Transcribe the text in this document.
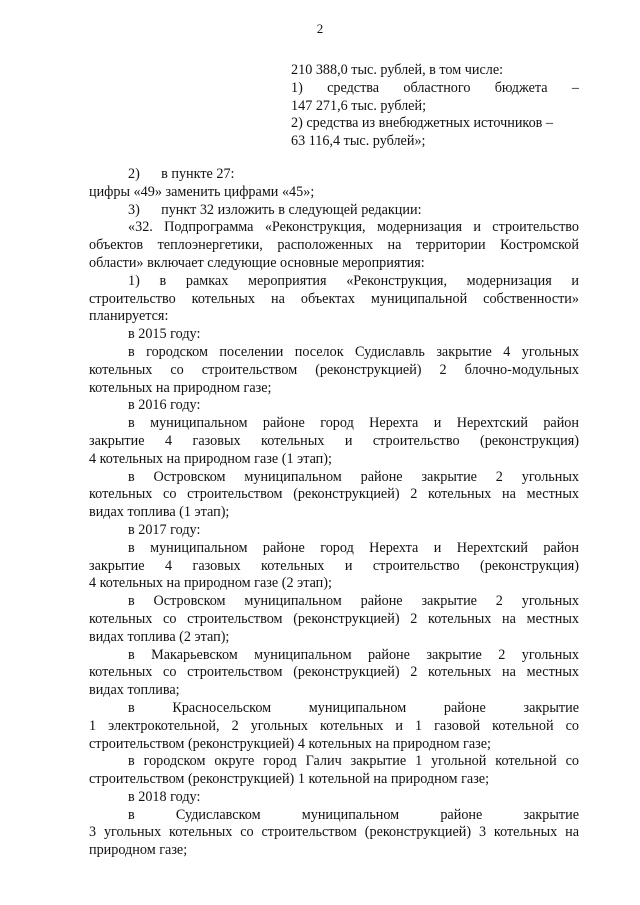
2
210 388,0 тыс. рублей, в том числе:
1) средства областного бюджета –
147 271,6 тыс. рублей;
2) средства из внебюджетных источников –
63 116,4 тыс. рублей»;
2)      в пункте 27:
цифры «49» заменить цифрами «45»;
3)      пункт 32 изложить в следующей редакции:
«32. Подпрограмма «Реконструкция, модернизация и строительство
объектов теплоэнергетики, расположенных на территории Костромской
области» включает следующие основные мероприятия:
1) в рамках мероприятия «Реконструкция, модернизация и
строительство котельных на объектах муниципальной собственности»
планируется:
в 2015 году:
в городском поселении поселок Судиславль закрытие 4 угольных
котельных со строительством (реконструкцией) 2 блочно-модульных
котельных на природном газе;
в 2016 году:
в муниципальном районе город Нерехта и Нерехтский район
закрытие 4 газовых котельных и строительство (реконструкция)
4 котельных на природном газе (1 этап);
в Островском муниципальном районе закрытие 2 угольных
котельных со строительством (реконструкцией) 2 котельных на местных
видах топлива (1 этап);
в 2017 году:
в муниципальном районе город Нерехта и Нерехтский район
закрытие 4 газовых котельных и строительство (реконструкция)
4 котельных на природном газе (2 этап);
в Островском муниципальном районе закрытие 2 угольных
котельных со строительством (реконструкцией) 2 котельных на местных
видах топлива (2 этап);
в Макарьевском муниципальном районе закрытие 2 угольных
котельных со строительством (реконструкцией) 2 котельных на местных
видах топлива;
в Красносельском муниципальном районе закрытие
1 электрокотельной, 2 угольных котельных и 1 газовой котельной со
строительством (реконструкцией) 4 котельных на природном газе;
в городском округе город Галич закрытие 1 угольной котельной со
строительством (реконструкцией) 1 котельной на природном газе;
в 2018 году:
в Судиславском муниципальном районе закрытие
3 угольных котельных со строительством (реконструкцией) 3 котельных на
природном газе;
